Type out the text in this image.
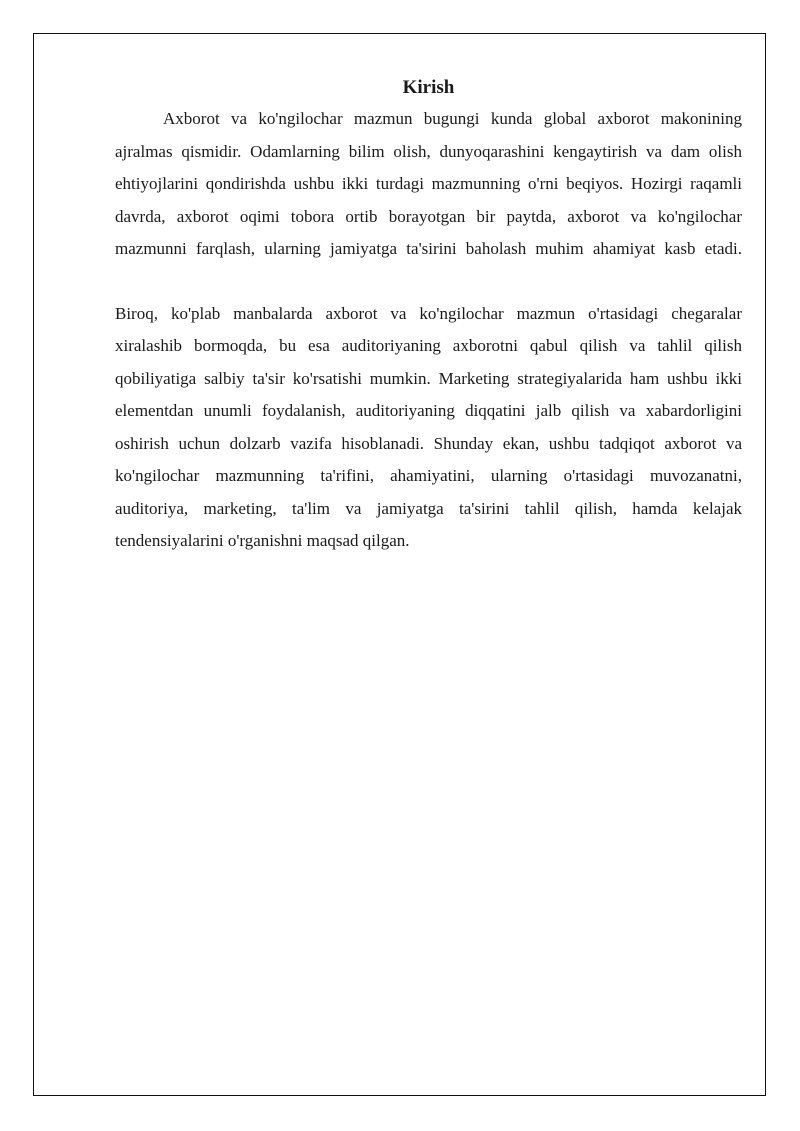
Kirish

Axborot va ko'ngilochar mazmun bugungi kunda global axborot makonining ajralmas qismidir. Odamlarning bilim olish, dunyoqarashini kengaytirish va dam olish ehtiyojlarini qondirishda ushbu ikki turdagi mazmunning o'rni beqiyos. Hozirgi raqamli davrda, axborot oqimi tobora ortib borayotgan bir paytda, axborot va ko'ngilochar mazmunni farqlash, ularning jamiyatga ta'sirini baholash muhim ahamiyat kasb etadi.

Biroq, ko'plab manbalarda axborot va ko'ngilochar mazmun o'rtasidagi chegaralar xiralashib bormoqda, bu esa auditoriyaning axborotni qabul qilish va tahlil qilish qobiliyatiga salbiy ta'sir ko'rsatishi mumkin. Marketing strategiyalarida ham ushbu ikki elementdan unumli foydalanish, auditoriyaning diqqatini jalb qilish va xabardorligini oshirish uchun dolzarb vazifa hisoblanadi. Shunday ekan, ushbu tadqiqot axborot va ko'ngilochar mazmunning ta'rifini, ahamiyatini, ularning o'rtasidagi muvozanatni, auditoriya, marketing, ta'lim va jamiyatga ta'sirini tahlil qilish, hamda kelajak tendensiyalarini o'rganishni maqsad qilgan.
